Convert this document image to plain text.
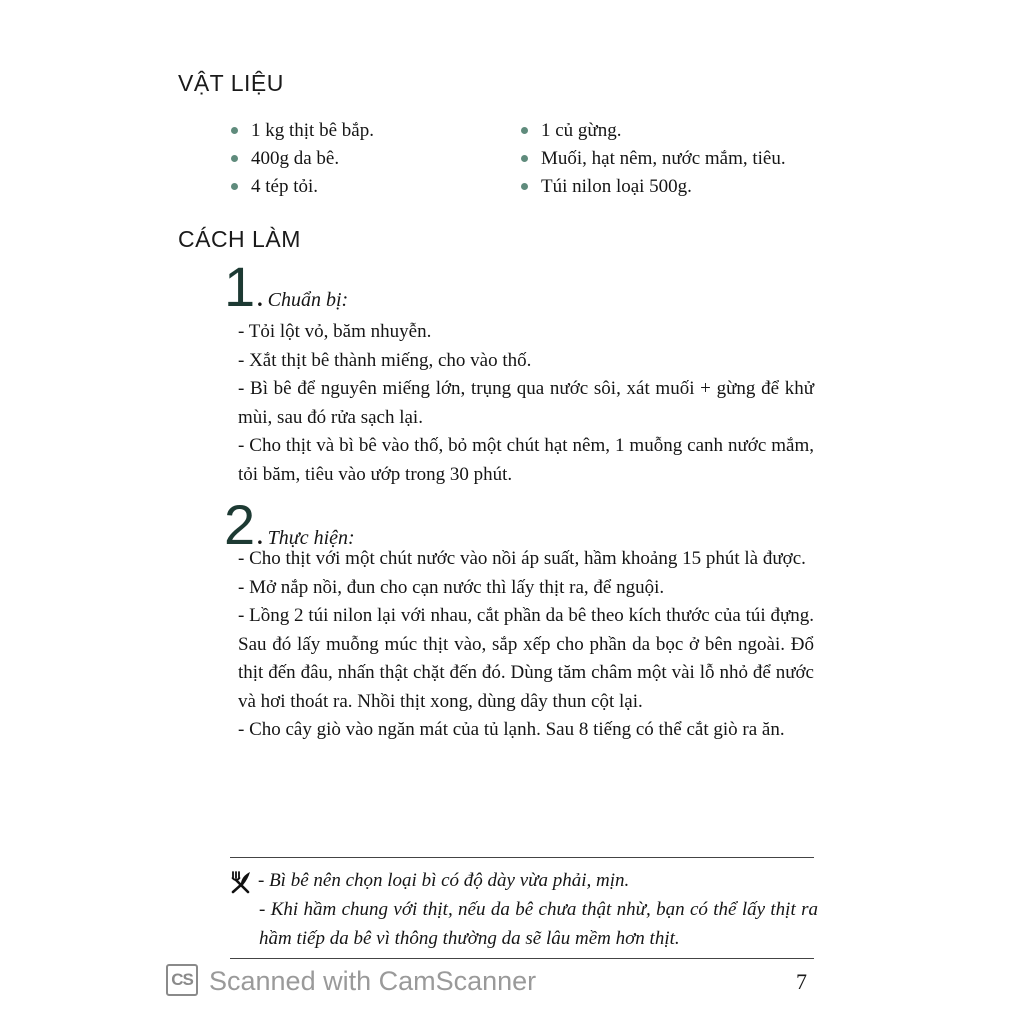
VẬT LIỆU
1 kg thịt bê bắp.
400g da bê.
4 tép tỏi.
1 củ gừng.
Muối, hạt nêm, nước mắm, tiêu.
Túi nilon loại 500g.
CÁCH LÀM
1. Chuẩn bị:

- Tỏi lột vỏ, băm nhuyễn.

- Xắt thịt bê thành miếng, cho vào thố.

- Bì bê để nguyên miếng lớn, trụng qua nước sôi, xát muối + gừng để khử mùi, sau đó rửa sạch lại.

- Cho thịt và bì bê vào thố, bỏ một chút hạt nêm, 1 muỗng canh nước mắm, tỏi băm, tiêu vào ướp trong 30 phút.

2. Thực hiện:

- Cho thịt với một chút nước vào nồi áp suất, hầm khoảng 15 phút là được.

- Mở nắp nồi, đun cho cạn nước thì lấy thịt ra, để nguội.

- Lồng 2 túi nilon lại với nhau, cắt phần da bê theo kích thước của túi đựng. Sau đó lấy muỗng múc thịt vào, sắp xếp cho phần da bọc ở bên ngoài. Đổ thịt đến đâu, nhấn thật chặt đến đó. Dùng tăm châm một vài lỗ nhỏ để nước và hơi thoát ra. Nhồi thịt xong, dùng dây thun cột lại.

- Cho cây giò vào ngăn mát của tủ lạnh. Sau 8 tiếng có thể cắt giò ra ăn.

- Bì bê nên chọn loại bì có độ dày vừa phải, mịn.

- Khi hầm chung với thịt, nếu da bê chưa thật nhừ, bạn có thể lấy thịt ra hầm tiếp da bê vì thông thường da sẽ lâu mềm hơn thịt.

CS Scanned with CamScanner	7
